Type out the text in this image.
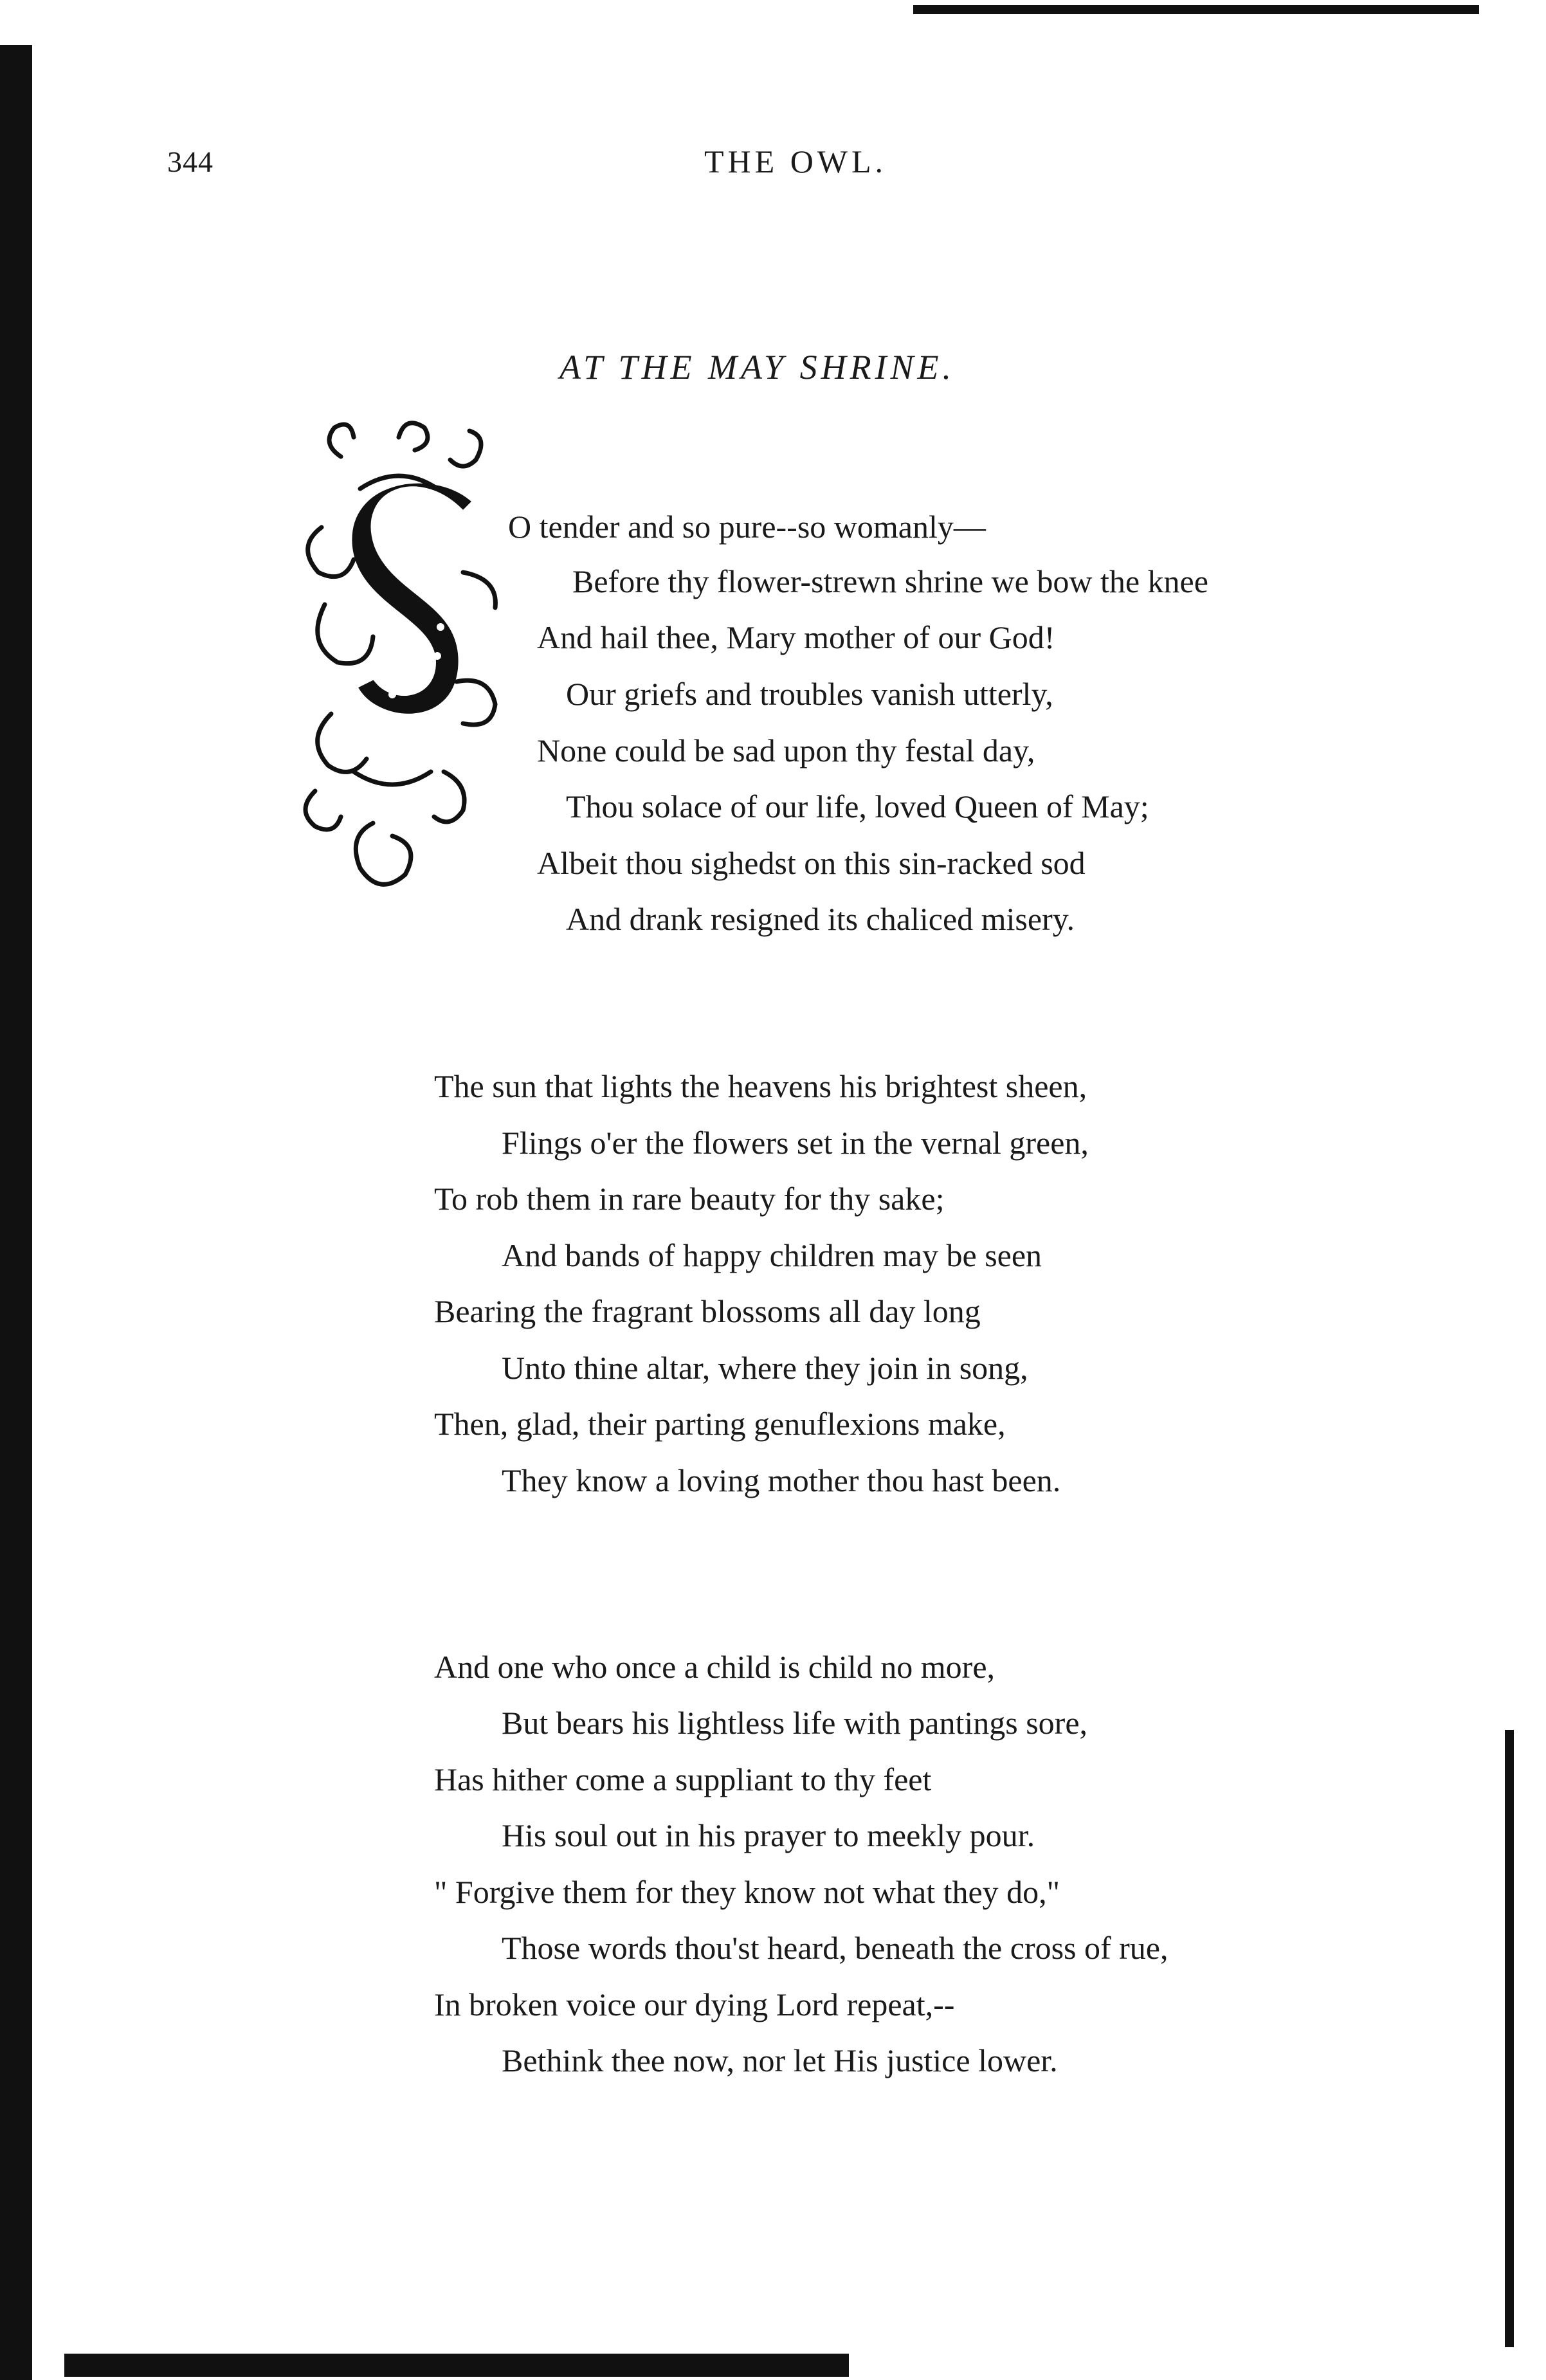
344	THE OWL.
AT THE MAY SHRINE.
O tender and so pure--so womanly—
Before thy flower-strewn shrine we bow the knee
And hail thee, Mary mother of our God!
Our griefs and troubles vanish utterly,
None could be sad upon thy festal day,
Thou solace of our life, loved Queen of May;
Albeit thou sighedst on this sin-racked sod
And drank resigned its chaliced misery.
The sun that lights the heavens his brightest sheen,
Flings o'er the flowers set in the vernal green,
To rob them in rare beauty for thy sake;
And bands of happy children may be seen
Bearing the fragrant blossoms all day long
Unto thine altar, where they join in song,
Then, glad, their parting genuflexions make,
They know a loving mother thou hast been.
And one who once a child is child no more,
But bears his lightless life with pantings sore,
Has hither come a suppliant to thy feet
His soul out in his prayer to meekly pour.
" Forgive them for they know not what they do,"
Those words thou'st heard, beneath the cross of rue,
In broken voice our dying Lord repeat,--
Bethink thee now, nor let His justice lower.
